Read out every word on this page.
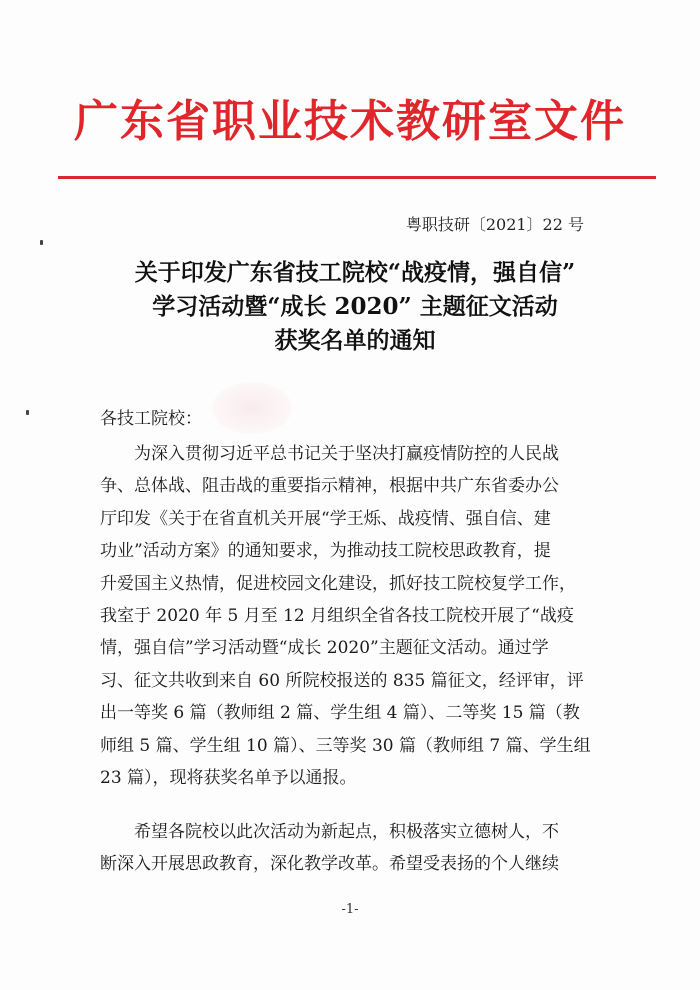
广东省职业技术教研室文件
粤职技研〔2021〕22 号
关于印发广东省技工院校“战疫情，强自信”
学习活动暨“成长 2020” 主题征文活动
获奖名单的通知
各技工院校：
为深入贯彻习近平总书记关于坚决打赢疫情防控的人民战
争、总体战、阻击战的重要指示精神，根据中共广东省委办公
厅印发《关于在省直机关开展“学王烁、战疫情、强自信、建
功业”活动方案》的通知要求，为推动技工院校思政教育，提
升爱国主义热情，促进校园文化建设，抓好技工院校复学工作，
我室于 2020 年 5 月至 12 月组织全省各技工院校开展了“战疫
情，强自信”学习活动暨“成长 2020”主题征文活动。通过学
习、征文共收到来自 60 所院校报送的 835 篇征文，经评审，评
出一等奖 6 篇（教师组 2 篇、学生组 4 篇）、二等奖 15 篇（教
师组 5 篇、学生组 10 篇）、三等奖 30 篇（教师组 7 篇、学生组
23 篇），现将获奖名单予以通报。
希望各院校以此次活动为新起点，积极落实立德树人，不
断深入开展思政教育，深化教学改革。希望受表扬的个人继续
-1-
